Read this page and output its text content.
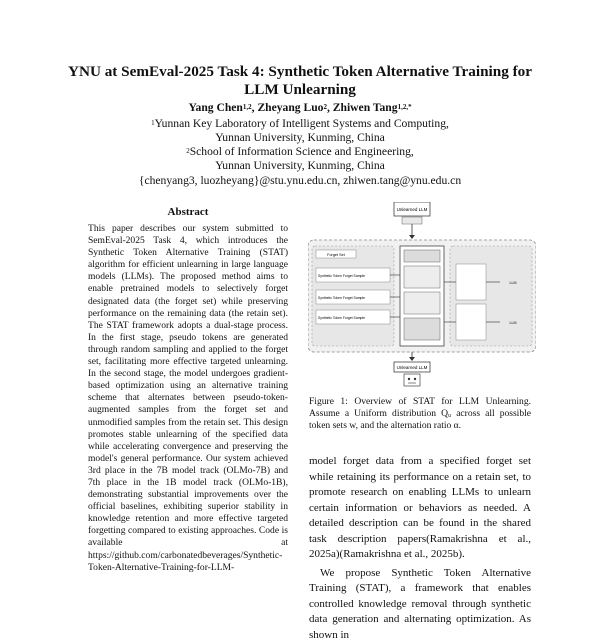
YNU at SemEval-2025 Task 4: Synthetic Token Alternative Training for LLM Unlearning
Yang Chen$^{1,2}$, Zheyang Luo$^2$, Zhiwen Tang$^{1,2,*}$
$^1$Yunnan Key Laboratory of Intelligent Systems and Computing,
Yunnan University, Kunming, China
$^2$School of Information Science and Engineering,
Yunnan University, Kunming, China
{chenyang3, luozheyang}@stu.ynu.edu.cn, zhiwen.tang@ynu.edu.cn
Abstract
This paper describes our system submitted to SemEval-2025 Task 4, which introduces the Synthetic Token Alternative Training (STAT) algorithm for efficient unlearning in large language models (LLMs). The proposed method aims to enable pretrained models to selectively forget designated data (the forget set) while preserving performance on the remaining data (the retain set). The STAT framework adopts a dual-stage process. In the first stage, pseudo tokens are generated through random sampling and applied to the forget set, facilitating more effective targeted unlearning. In the second stage, the model undergoes gradient-based optimization using an alternative training scheme that alternates between pseudo-token-augmented samples from the forget set and unmodified samples from the retain set. This design promotes stable unlearning of the specified data while accelerating convergence and preserving the model's general performance. Our system achieved 3rd place in the 7B model track (OLMo-7B) and 7th place in the 1B model track (OLMo-1B), demonstrating substantial improvements over the official baselines, exhibiting superior stability in knowledge retention and more effective targeted forgetting compared to existing approaches. Code is available at https://github.com/carbonatedbeverages/Synthetic-Token-Alternative-Training-for-LLM-
Unlearned LLM
Forget Set
Synthetic Token Forget Sample
Synthetic Token Forget Sample
Synthetic Token Forget Sample
LLM
LLM
Unlearned LLM
Figure 1: Overview of STAT for LLM Unlearning. Assume a Uniform distribution Qᵤ across all possible token sets w, and the alternation ratio α.

model forget data from a specified forget set while retaining its performance on a retain set, to promote research on enabling LLMs to unlearn certain information or behaviors as needed. A detailed description can be found in the shared task description papers(Ramakrishna et al., 2025a)(Ramakrishna et al., 2025b).

We propose Synthetic Token Alternative Training (STAT), a framework that enables controlled knowledge removal through synthetic data generation and alternating optimization. As shown in
